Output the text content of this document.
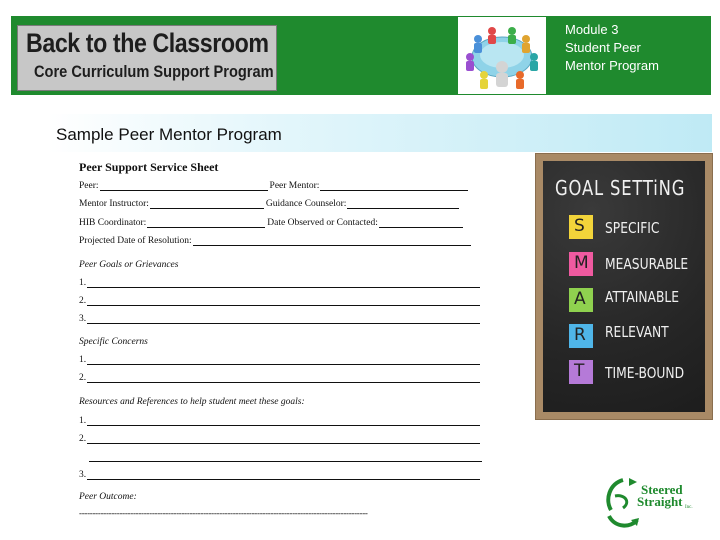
Back to the Classroom
Core Curriculum Support Program
Module 3
Student Peer
Mentor Program
Sample Peer Mentor Program
Peer Support Service Sheet
Peer:	Peer Mentor:
Mentor Instructor:	Guidance Counselor:
HIB Coordinator:	Date Observed or Contacted:
Projected Date of Resolution:
Peer Goals or Grievances
1.
2.
3.
Specific Concerns
1.
2.
Resources and References to help student meet these goals:
1.
2.
3.
Peer Outcome:
-----------------------------------------------------------------------------------------------------------
GOAL SETTiNG
S SPECIFIC
M MEASURABLE
A ATTAINABLE
R RELEVANT
T TIME-BOUND
Steered
Straight Inc.
